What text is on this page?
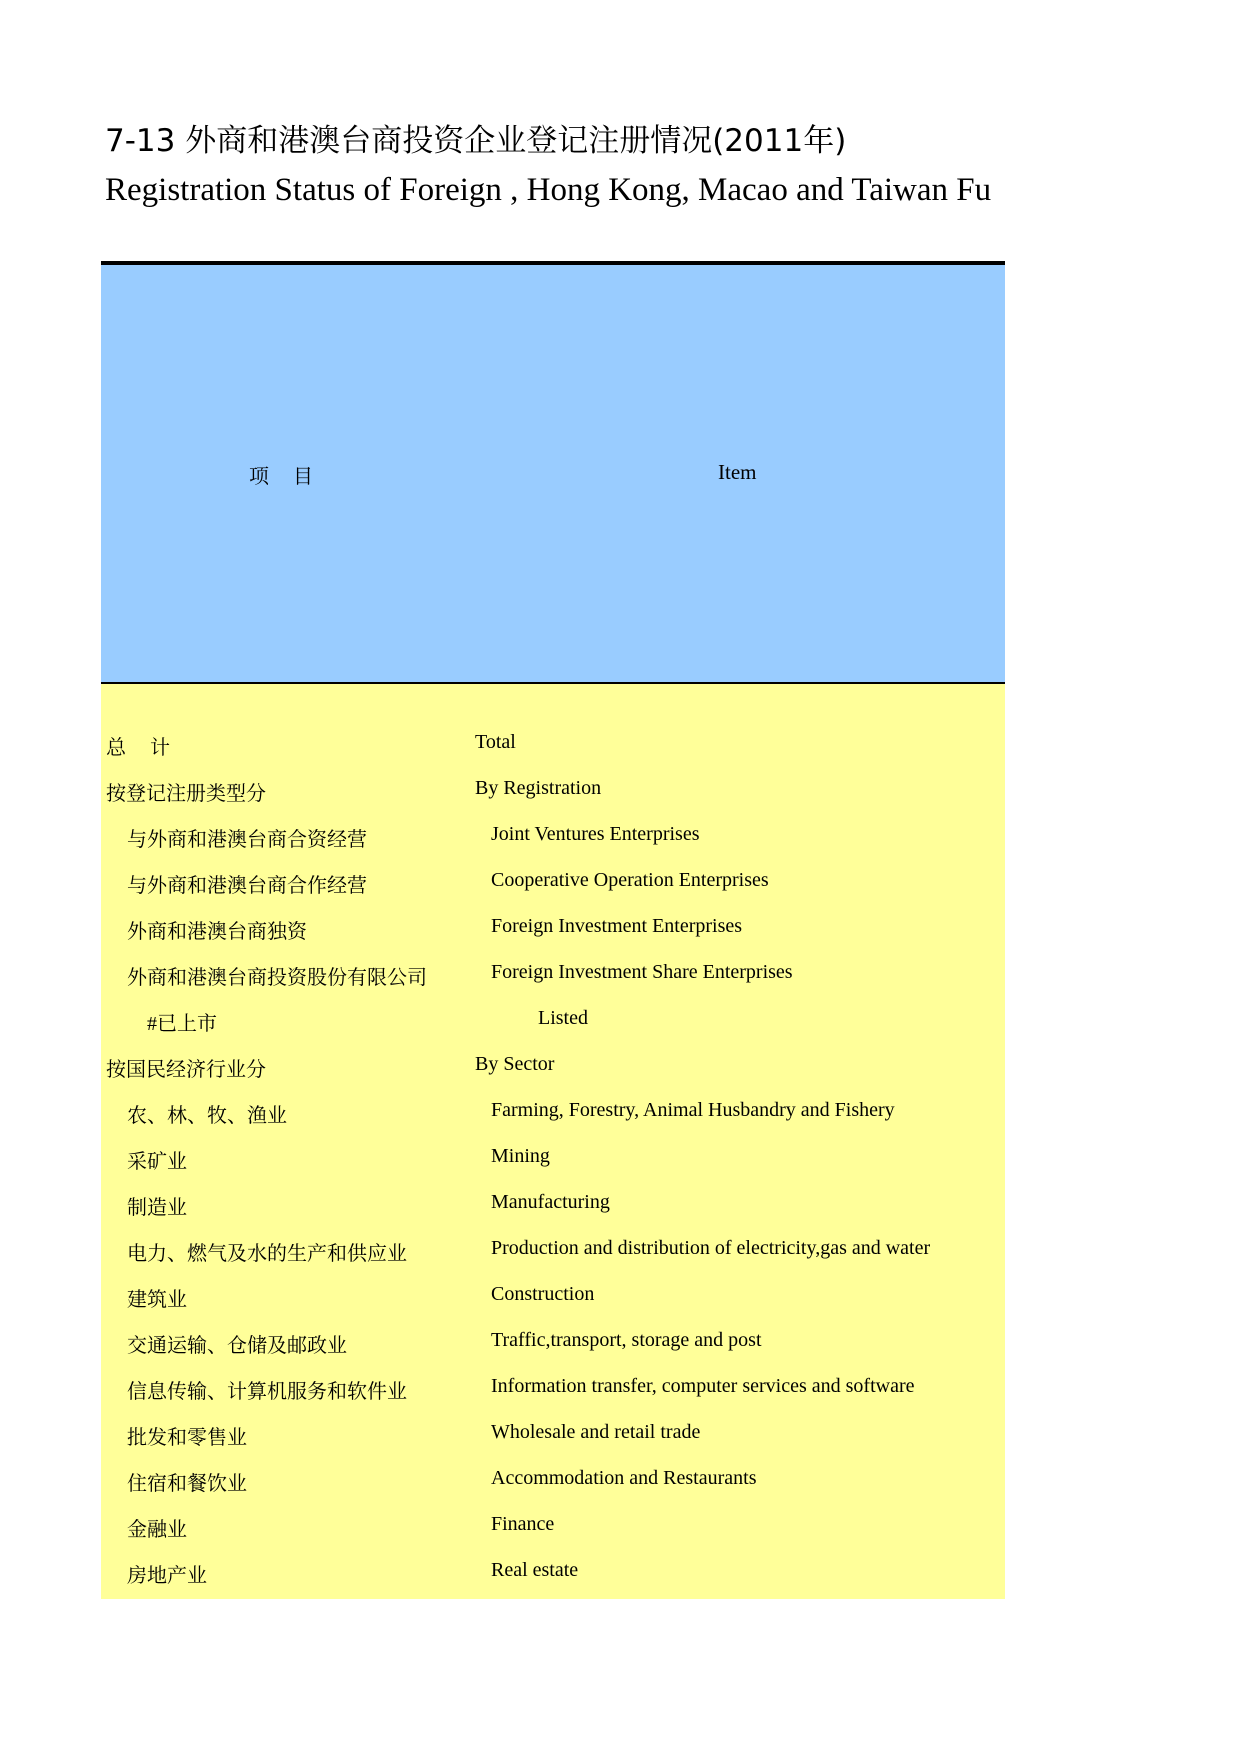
7-13 外商和港澳台商投资企业登记注册情况(2011年)
Registration Status of Foreign , Hong Kong, Macao and Taiwan Fu
项目	Item
总计	Total
按登记注册类型分	By Registration
与外商和港澳台商合资经营	Joint Ventures Enterprises
与外商和港澳台商合作经营	Cooperative Operation Enterprises
外商和港澳台商独资	Foreign Investment Enterprises
外商和港澳台商投资股份有限公司	Foreign Investment Share Enterprises
#已上市	Listed
按国民经济行业分	By Sector
农、林、牧、渔业	Farming, Forestry, Animal Husbandry and Fishery
采矿业	Mining
制造业	Manufacturing
电力、燃气及水的生产和供应业	Production and distribution of electricity,gas and water
建筑业	Construction
交通运输、仓储及邮政业	Traffic,transport, storage and post
信息传输、计算机服务和软件业	Information transfer, computer services and software
批发和零售业	Wholesale and retail trade
住宿和餐饮业	Accommodation and Restaurants
金融业	Finance
房地产业	Real estate
